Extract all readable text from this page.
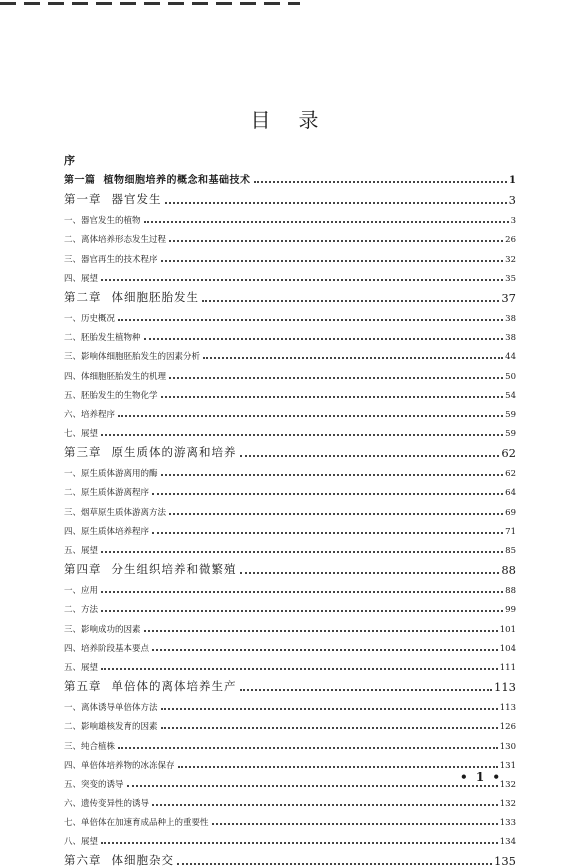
目录
序
第一篇 植物细胞培养的概念和基础技术	1
第一章 器官发生	3
一、器官发生的植物	3
二、离体培养形态发生过程	26
三、器官再生的技术程序	32
四、展望	35
第二章 体细胞胚胎发生	37
一、历史概况	38
二、胚胎发生植物种	38
三、影响体细胞胚胎发生的因素分析	44
四、体细胞胚胎发生的机理	50
五、胚胎发生的生物化学	54
六、培养程序	59
七、展望	59
第三章 原生质体的游离和培养	62
一、原生质体游离用的酶	62
二、原生质体游离程序	64
三、烟草原生质体游离方法	69
四、原生质体培养程序	71
五、展望	85
第四章 分生组织培养和微繁殖	88
一、应用	88
二、方法	99
三、影响成功的因素	101
四、培养阶段基本要点	104
五、展望	111
第五章 单倍体的离体培养生产	113
一、离体诱导单倍体方法	113
二、影响雄核发育的因素	126
三、纯合植株	130
四、单倍体培养物的冰冻保存	131
五、突变的诱导	132
六、遗传变异性的诱导	132
七、单倍体在加速育成品种上的重要性	133
八、展望	134
第六章 体细胞杂交	135
• 1 •
